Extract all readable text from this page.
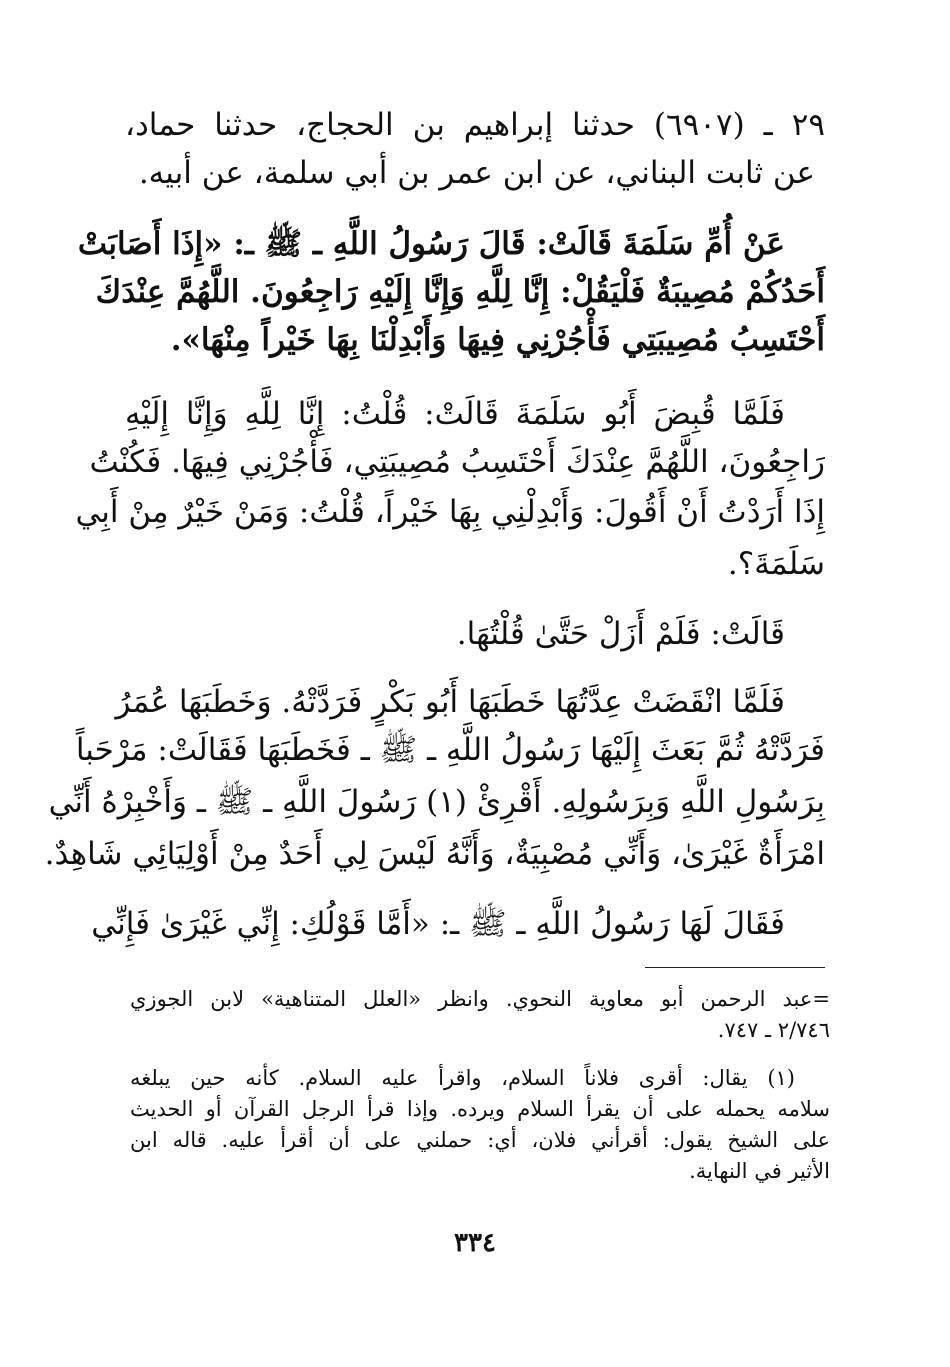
٢٩ ـ (٦٩٠٧) حدثنا إبراهيم بن الحجاج، حدثنا حماد،
عن ثابت البناني، عن ابن عمر بن أبي سلمة، عن أبيه.
عَنْ أُمِّ سَلَمَةَ قَالَتْ: قَالَ رَسُولُ اللَّهِ ـ ﷺ ـ: «إِذَا أَصَابَتْ
أَحَدُكُمْ مُصِيبَةٌ فَلْيَقُلْ: إِنَّا لِلَّهِ وَإِنَّا إِلَيْهِ رَاجِعُونَ. اللَّهُمَّ عِنْدَكَ
أَحْتَسِبُ مُصِيبَتِي فَأْجُرْنِي فِيهَا وَأَبْدِلْنَا بِهَا خَيْراً مِنْهَا».
فَلَمَّا قُبِضَ أَبُو سَلَمَةَ قَالَتْ: قُلْتُ: إِنَّا لِلَّهِ وَإِنَّا إِلَيْهِ
رَاجِعُونَ، اللَّهُمَّ عِنْدَكَ أَحْتَسِبُ مُصِيبَتِي، فَأْجُرْنِي فِيهَا. فَكُنْتُ
إِذَا أَرَدْتُ أَنْ أَقُولَ: وَأَبْدِلْنِي بِهَا خَيْراً، قُلْتُ: وَمَنْ خَيْرٌ مِنْ أَبِي
سَلَمَةَ؟.
قَالَتْ: فَلَمْ أَزَلْ حَتَّىٰ قُلْتُهَا.
فَلَمَّا انْقَضَتْ عِدَّتُهَا خَطَبَهَا أَبُو بَكْرٍ فَرَدَّتْهُ. وَخَطَبَهَا عُمَرُ
فَرَدَّتْهُ ثُمَّ بَعَثَ إِلَيْهَا رَسُولُ اللَّهِ ـ ﷺ ـ فَخَطَبَهَا فَقَالَتْ: مَرْحَباً
بِرَسُولِ اللَّهِ وَبِرَسُولِهِ. أَقْرِئْ (١) رَسُولَ اللَّهِ ـ ﷺ ـ وَأَخْبِرْهُ أَنِّي
امْرَأَةٌ غَيْرَىٰ، وَأَنِّي مُصْبِيَةٌ، وَأَنَّهُ لَيْسَ لِي أَحَدٌ مِنْ أَوْلِيَائِي شَاهِدٌ.
فَقَالَ لَهَا رَسُولُ اللَّهِ ـ ﷺ ـ: «أَمَّا قَوْلُكِ: إِنِّي غَيْرَىٰ فَإِنِّي
=عبد الرحمن أبو معاوية النحوي. وانظر «العلل المتناهية» لابن الجوزي
٢/٧٤٦ ـ ٧٤٧.
(١) يقال: أقرى فلاناً السلام، واقرأ عليه السلام. كأنه حين يبلغه
سلامه يحمله على أن يقرأ السلام ويرده. وإذا قرأ الرجل القرآن أو الحديث
على الشيخ يقول: أقرأني فلان، أي: حملني على أن أقرأ عليه. قاله ابن
الأثير في النهاية.
٣٣٤
